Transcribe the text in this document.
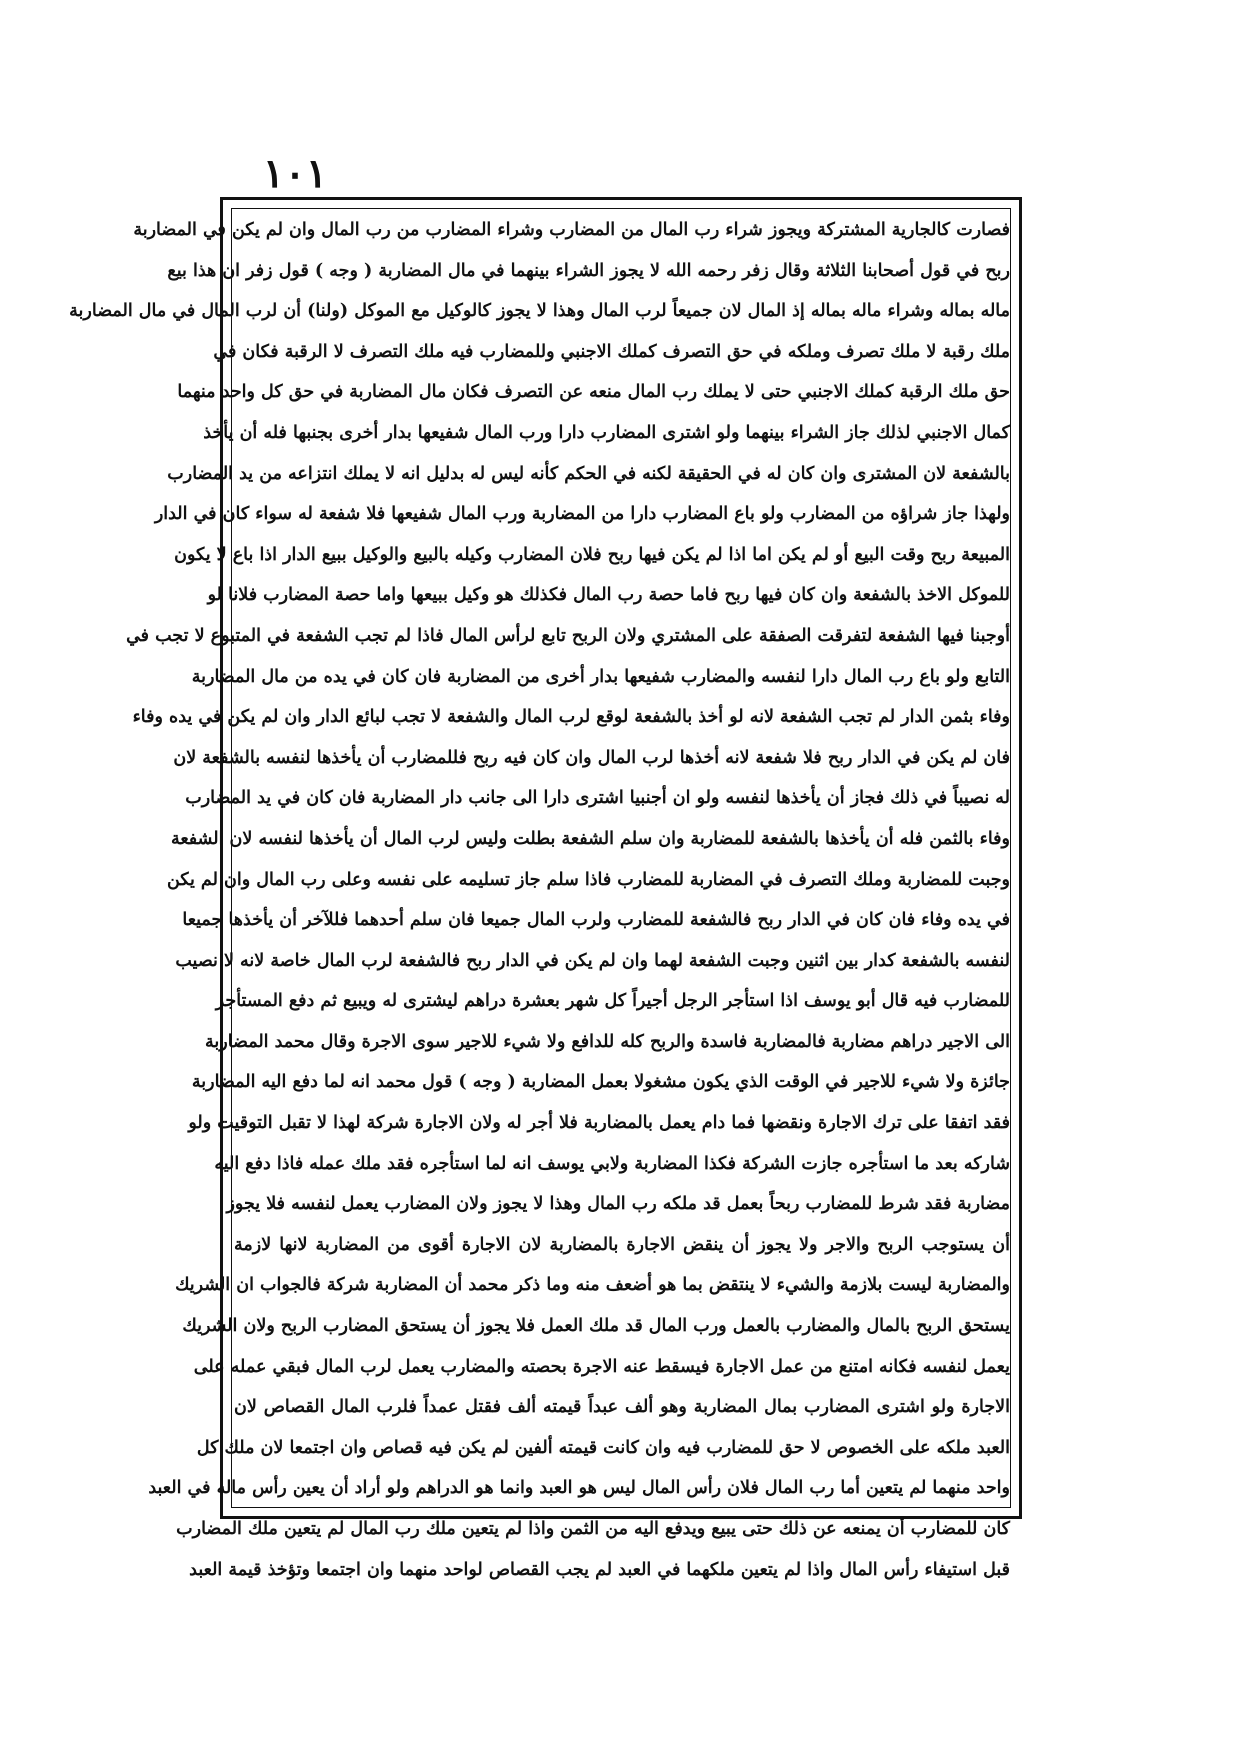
١٠١
فصارت كالجارية المشتركة ويجوز شراء رب المال من المضارب وشراء المضارب من رب المال وان لم يكن في المضاربة
ربح في قول أصحابنا الثلاثة وقال زفر رحمه الله لا يجوز الشراء بينهما في مال المضاربة ( وجه ) قول زفر ان هذا بيع
ماله بماله وشراء ماله بماله إذ المال لان جميعاً لرب المال وهذا لا يجوز كالوكيل مع الموكل (ولنا) أن لرب المال في مال المضاربة
ملك رقبة لا ملك تصرف وملكه في حق التصرف كملك الاجنبي وللمضارب فيه ملك التصرف لا الرقبة فكان في
حق ملك الرقبة كملك الاجنبي حتى لا يملك رب المال منعه عن التصرف فكان مال المضاربة في حق كل واحد منهما
كمال الاجنبي لذلك جاز الشراء بينهما ولو اشترى المضارب دارا ورب المال شفيعها بدار أخرى بجنبها فله أن يأخذ
بالشفعة لان المشترى وان كان له في الحقيقة لكنه في الحكم كأنه ليس له بدليل انه لا يملك انتزاعه من يد المضارب
ولهذا جاز شراؤه من المضارب ولو باع المضارب دارا من المضاربة ورب المال شفيعها فلا شفعة له سواء كان في الدار
المبيعة ربح وقت البيع أو لم يكن اما اذا لم يكن فيها ربح فلان المضارب وكيله بالبيع والوكيل ببيع الدار اذا باع لا يكون
للموكل الاخذ بالشفعة وان كان فيها ربح فاما حصة رب المال فكذلك هو وكيل ببيعها واما حصة المضارب فلانا لو
أوجبنا فيها الشفعة لتفرقت الصفقة على المشتري ولان الربح تابع لرأس المال فاذا لم تجب الشفعة في المتبوع لا تجب في
التابع ولو باع رب المال دارا لنفسه والمضارب شفيعها بدار أخرى من المضاربة فان كان في يده من مال المضاربة
وفاء بثمن الدار لم تجب الشفعة لانه لو أخذ بالشفعة لوقع لرب المال والشفعة لا تجب لبائع الدار وان لم يكن في يده وفاء
فان لم يكن في الدار ربح فلا شفعة لانه أخذها لرب المال وان كان فيه ربح فللمضارب أن يأخذها لنفسه بالشفعة لان
له نصيباً في ذلك فجاز أن يأخذها لنفسه ولو ان أجنبيا اشترى دارا الى جانب دار المضاربة فان كان في يد المضارب
وفاء بالثمن فله أن يأخذها بالشفعة للمضاربة وان سلم الشفعة بطلت وليس لرب المال أن يأخذها لنفسه لان الشفعة
وجبت للمضاربة وملك التصرف في المضاربة للمضارب فاذا سلم جاز تسليمه على نفسه وعلى رب المال وان لم يكن
في يده وفاء فان كان في الدار ربح فالشفعة للمضارب ولرب المال جميعا فان سلم أحدهما فللآخر أن يأخذها جميعا
لنفسه بالشفعة كدار بين اثنين وجبت الشفعة لهما وان لم يكن في الدار ربح فالشفعة لرب المال خاصة لانه لا نصيب
للمضارب فيه قال أبو يوسف اذا استأجر الرجل أجيراً كل شهر بعشرة دراهم ليشترى له ويبيع ثم دفع المستأجر
الى الاجير دراهم مضاربة فالمضاربة فاسدة والربح كله للدافع ولا شيء للاجير سوى الاجرة وقال محمد المضاربة
جائزة ولا شيء للاجير في الوقت الذي يكون مشغولا بعمل المضاربة ( وجه ) قول محمد انه لما دفع اليه المضاربة
فقد اتفقا على ترك الاجارة ونقضها فما دام يعمل بالمضاربة فلا أجر له ولان الاجارة شركة لهذا لا تقبل التوقيت ولو
شاركه بعد ما استأجره جازت الشركة فكذا المضاربة ولابي يوسف انه لما استأجره فقد ملك عمله فاذا دفع اليه
مضاربة فقد شرط للمضارب ربحاً بعمل قد ملكه رب المال وهذا لا يجوز ولان المضارب يعمل لنفسه فلا يجوز
أن يستوجب الربح والاجر ولا يجوز أن ينقض الاجارة بالمضاربة لان الاجارة أقوى من المضاربة لانها لازمة
والمضاربة ليست بلازمة والشيء لا ينتقض بما هو أضعف منه وما ذكر محمد أن المضاربة شركة فالجواب ان الشريك
يستحق الربح بالمال والمضارب بالعمل ورب المال قد ملك العمل فلا يجوز أن يستحق المضارب الربح ولان الشريك
يعمل لنفسه فكانه امتنع من عمل الاجارة فيسقط عنه الاجرة بحصته والمضارب يعمل لرب المال فبقي عمله على
الاجارة ولو اشترى المضارب بمال المضاربة وهو ألف عبداً قيمته ألف فقتل عمداً فلرب المال القصاص لان
العبد ملكه على الخصوص لا حق للمضارب فيه وان كانت قيمته ألفين لم يكن فيه قصاص وان اجتمعا لان ملك كل
واحد منهما لم يتعين أما رب المال فلان رأس المال ليس هو العبد وانما هو الدراهم ولو أراد أن يعين رأس ماله في العبد
كان للمضارب أن يمنعه عن ذلك حتى يبيع ويدفع اليه من الثمن واذا لم يتعين ملك رب المال لم يتعين ملك المضارب
قبل استيفاء رأس المال واذا لم يتعين ملكهما في العبد لم يجب القصاص لواحد منهما وان اجتمعا وتؤخذ قيمة العبد
